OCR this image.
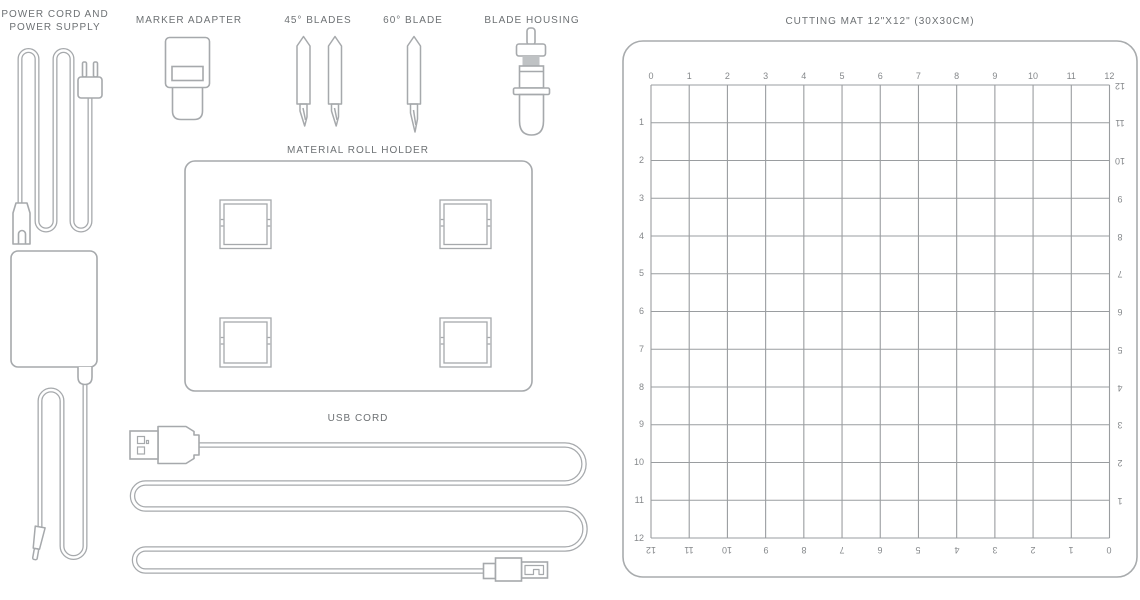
POWER CORD AND
POWER SUPPLY
MARKER ADAPTER	45° BLADES	60° BLADE	BLADE HOUSING
MATERIAL ROLL HOLDER
USB CORD
CUTTING MAT 12"X12" (30X30CM)
0	1	2	3	4	5	6	7	8	9	10	11	12
1
2
3
4
5
6
7
8
9
10
11
12
12
11
10
9
8
7
6
5
4
3
2
1
12	11	10	9	8	7	6	5	4	3	2	1	0
